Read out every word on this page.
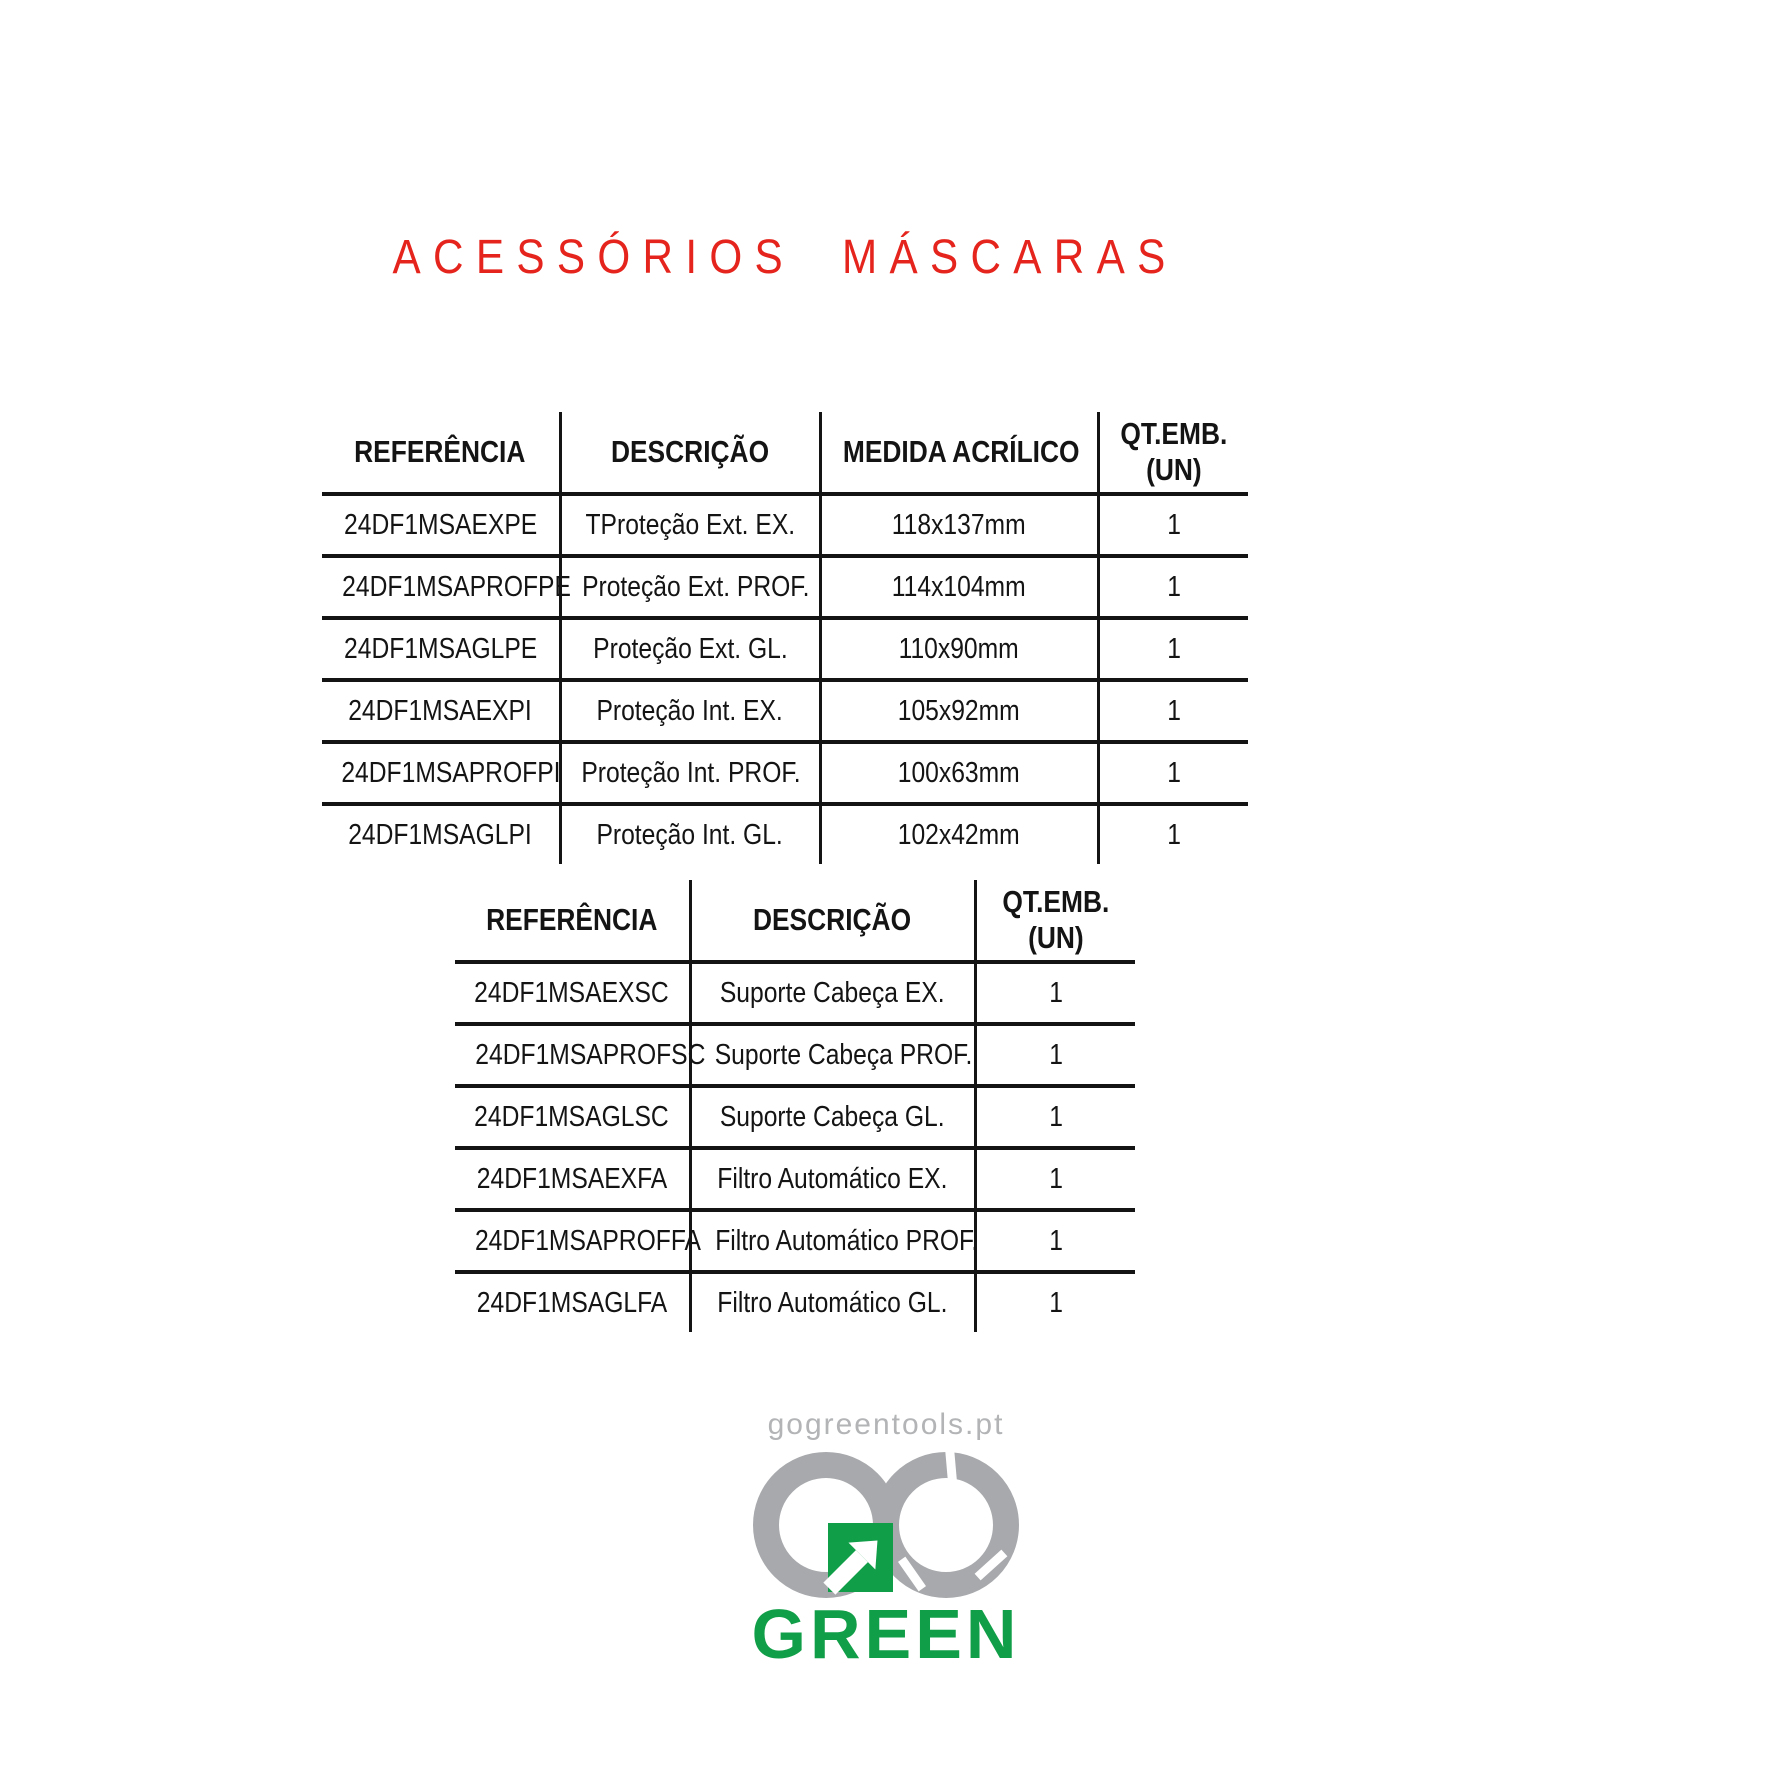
ACESSÓRIOS MÁSCARAS
REFERÊNCIA	DESCRIÇÃO	MEDIDA ACRÍLICO	QT.EMB.
(UN)

24DF1MSAEXPE	TProteção Ext. EX.	118x137mm	1
24DF1MSAPROFPE	Proteção Ext. PROF.	114x104mm	1
24DF1MSAGLPE	Proteção Ext. GL.	110x90mm	1
24DF1MSAEXPI	Proteção Int. EX.	105x92mm	1
24DF1MSAPROFPI	Proteção Int. PROF.	100x63mm	1
24DF1MSAGLPI	Proteção Int. GL.	102x42mm	1
REFERÊNCIA	DESCRIÇÃO	QT.EMB.
(UN)

24DF1MSAEXSC	Suporte Cabeça EX.	1
24DF1MSAPROFSC	Suporte Cabeça PROF.	1
24DF1MSAGLSC	Suporte Cabeça GL.	1
24DF1MSAEXFA	Filtro Automático EX.	1
24DF1MSAPROFFA	Filtro Automático PROF.	1
24DF1MSAGLFA	Filtro Automático GL.	1
gogreentools.pt
GREEN
